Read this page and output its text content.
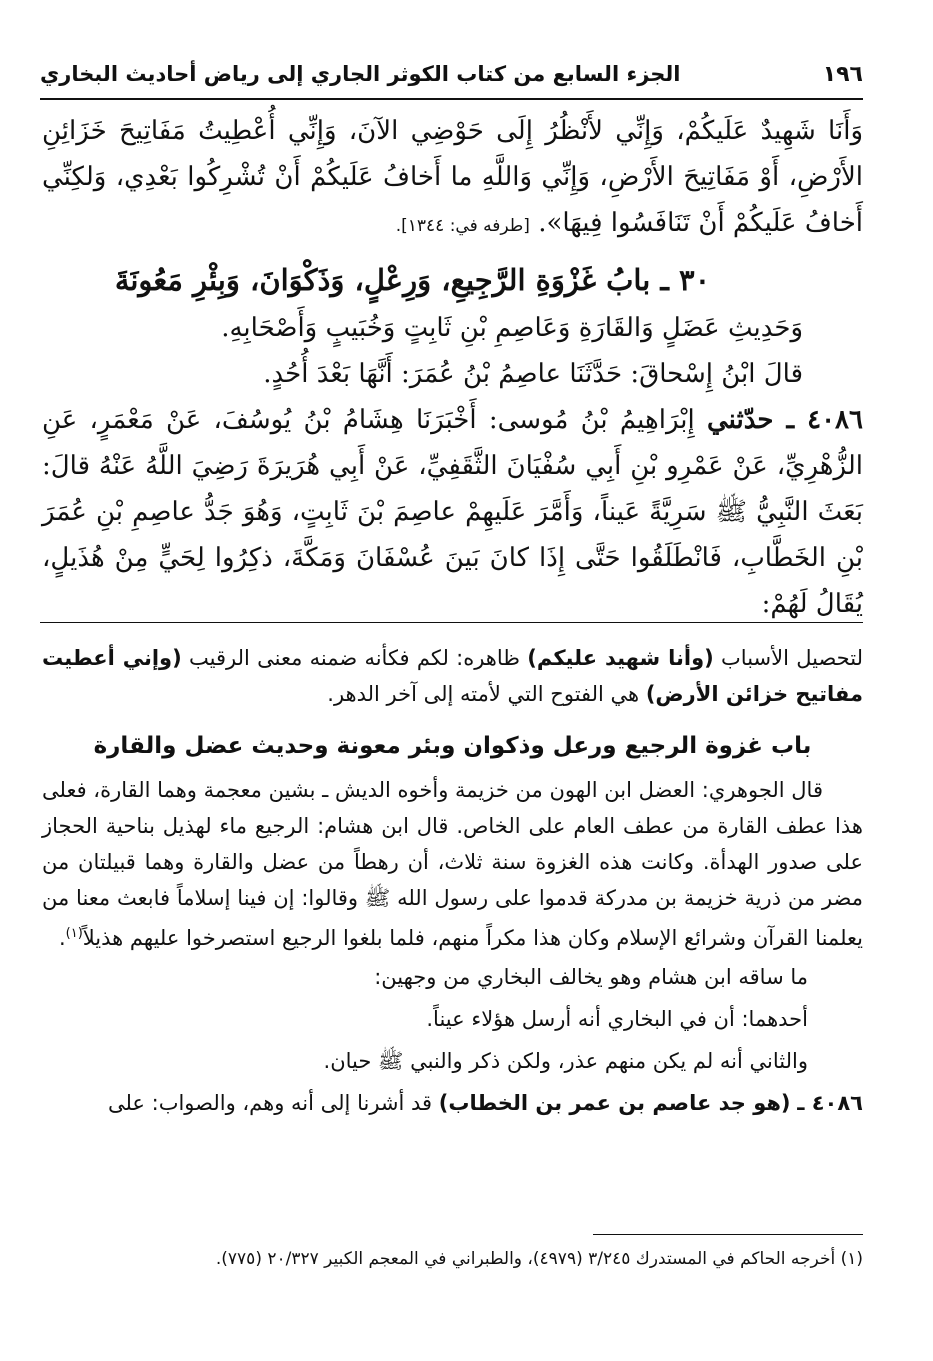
١٩٦
الجزء السابع من كتاب الكوثر الجاري إلى رياض أحاديث البخاري

وَأَنَا شَهِيدٌ عَلَيكُمْ، وَإِنِّي لأَنْظُرُ إِلَى حَوْضِي الآنَ، وَإِنِّي أُعْطِيتُ مَفَاتِيحَ خَزَائِنِ الأَرْضِ، أَوْ مَفَاتِيحَ الأَرْضِ، وَإِنِّي وَاللَّهِ ما أَخافُ عَلَيكُمْ أَنْ تُشْرِكُوا بَعْدِي، وَلكِنِّي أَخافُ عَلَيكُمْ أَنْ تَنَافَسُوا فِيهَا». [طرفه في: ١٣٤٤].

٣٠ ـ بابُ غَزْوَةِ الرَّجِيعِ، وَرِعْلٍ، وَذَكْوَانَ، وَبِئْرِ مَعُونَةَ

وَحَدِيثِ عَضَلٍ وَالقَارَةِ وَعَاصِمِ بْنِ ثَابِتٍ وَخُبَيبٍ وَأَصْحَابِهِ.

قالَ ابْنُ إِسْحاقَ: حَدَّثَنَا عاصِمُ بْنُ عُمَرَ: أَنَّهَا بَعْدَ أُحُدٍ.

٤٠٨٦ ـ حدّثني إِبْرَاهِيمُ بْنُ مُوسى: أَخْبَرَنَا هِشَامُ بْنُ يُوسُفَ، عَنْ مَعْمَرٍ، عَنِ الزُّهْرِيِّ، عَنْ عَمْرِو بْنِ أَبِي سُفْيَانَ الثَّقَفِيِّ، عَنْ أَبِي هُرَيرَةَ رَضِيَ اللَّهُ عَنْهُ قالَ: بَعَثَ النَّبِيُّ ﷺ سَرِيَّةً عَيناً، وَأَمَّرَ عَلَيهِمْ عاصِمَ بْنَ ثَابِتٍ، وَهُوَ جَدُّ عاصِمِ بْنِ عُمَرَ بْنِ الخَطَّابِ، فَانْطَلَقُوا حَتَّى إِذَا كانَ بَينَ عُسْفَانَ وَمَكَّةَ، ذكِرُوا لِحَيٍّ مِنْ هُذَيلٍ، يُقَالُ لَهُمْ:

لتحصيل الأسباب (وأنا شهيد عليكم) ظاهره: لكم فكأنه ضمنه معنى الرقيب (وإني أعطيت مفاتيح خزائن الأرض) هي الفتوح التي لأمته إلى آخر الدهر.

باب غزوة الرجيع ورعل وذكوان وبئر معونة وحديث عضل والقارة

قال الجوهري: العضل ابن الهون من خزيمة وأخوه الديش ـ بشين معجمة وهما القارة، فعلى هذا عطف القارة من عطف العام على الخاص. قال ابن هشام: الرجيع ماء لهذيل بناحية الحجاز على صدور الهدأة. وكانت هذه الغزوة سنة ثلاث، أن رهطاً من عضل والقارة وهما قبيلتان من مضر من ذرية خزيمة بن مدركة قدموا على رسول الله ﷺ وقالوا: إن فينا إسلاماً فابعث معنا من يعلمنا القرآن وشرائع الإسلام وكان هذا مكراً منهم، فلما بلغوا الرجيع استصرخوا عليهم هذيلاً$^{(١)}$.

ما ساقه ابن هشام وهو يخالف البخاري من وجهين:

أحدهما: أن في البخاري أنه أرسل هؤلاء عيناً.

والثاني أنه لم يكن منهم عذر، ولكن ذكر والنبي ﷺ حيان.

٤٠٨٦ ـ (هو جد عاصم بن عمر بن الخطاب) قد أشرنا إلى أنه وهم، والصواب: على

(١) أخرجه الحاكم في المستدرك ٣/٢٤٥ (٤٩٧٩)، والطبراني في المعجم الكبير ٢٠/٣٢٧ (٧٧٥).
